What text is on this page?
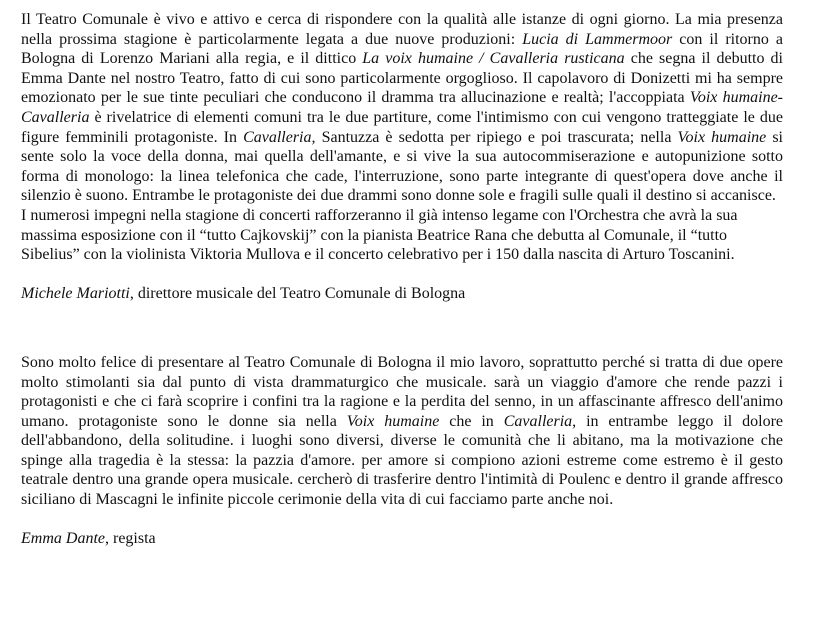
Il Teatro Comunale è vivo e attivo e cerca di rispondere con la qualità alle istanze di ogni giorno. La mia presenza nella prossima stagione è particolarmente legata a due nuove produzioni: Lucia di Lammermoor con il ritorno a Bologna di Lorenzo Mariani alla regia, e il dittico La voix humaine / Cavalleria rusticana che segna il debutto di Emma Dante nel nostro Teatro, fatto di cui sono particolarmente orgoglioso. Il capolavoro di Donizetti mi ha sempre emozionato per le sue tinte peculiari che conducono il dramma tra allucinazione e realtà; l'accoppiata Voix humaine-Cavalleria è rivelatrice di elementi comuni tra le due partiture, come l'intimismo con cui vengono tratteggiate le due figure femminili protagoniste. In Cavalleria, Santuzza è sedotta per ripiego e poi trascurata; nella Voix humaine si sente solo la voce della donna, mai quella dell'amante, e si vive la sua autocommiserazione e autopunizione sotto forma di monologo: la linea telefonica che cade, l'interruzione, sono parte integrante di quest'opera dove anche il silenzio è suono. Entrambe le protagoniste dei due drammi sono donne sole e fragili sulle quali il destino si accanisce.

I numerosi impegni nella stagione di concerti rafforzeranno il già intenso legame con l'Orchestra che avrà la sua massima esposizione con il “tutto Cajkovskij” con la pianista Beatrice Rana che debutta al Comunale, il “tutto Sibelius” con la violinista Viktoria Mullova e il concerto celebrativo per i 150 dalla nascita di Arturo Toscanini.

Michele Mariotti, direttore musicale del Teatro Comunale di Bologna

Sono molto felice di presentare al Teatro Comunale di Bologna il mio lavoro, soprattutto perché si tratta di due opere molto stimolanti sia dal punto di vista drammaturgico che musicale. sarà un viaggio d'amore che rende pazzi i protagonisti e che ci farà scoprire i confini tra la ragione e la perdita del senno, in un affascinante affresco dell'animo umano. protagoniste sono le donne sia nella Voix humaine che in Cavalleria, in entrambe leggo il dolore dell'abbandono, della solitudine. i luoghi sono diversi, diverse le comunità che li abitano, ma la motivazione che spinge alla tragedia è la stessa: la pazzia d'amore. per amore si compiono azioni estreme come estremo è il gesto teatrale dentro una grande opera musicale. cercherò di trasferire dentro l'intimità di Poulenc e dentro il grande affresco siciliano di Mascagni le infinite piccole cerimonie della vita di cui facciamo parte anche noi.

Emma Dante, regista
